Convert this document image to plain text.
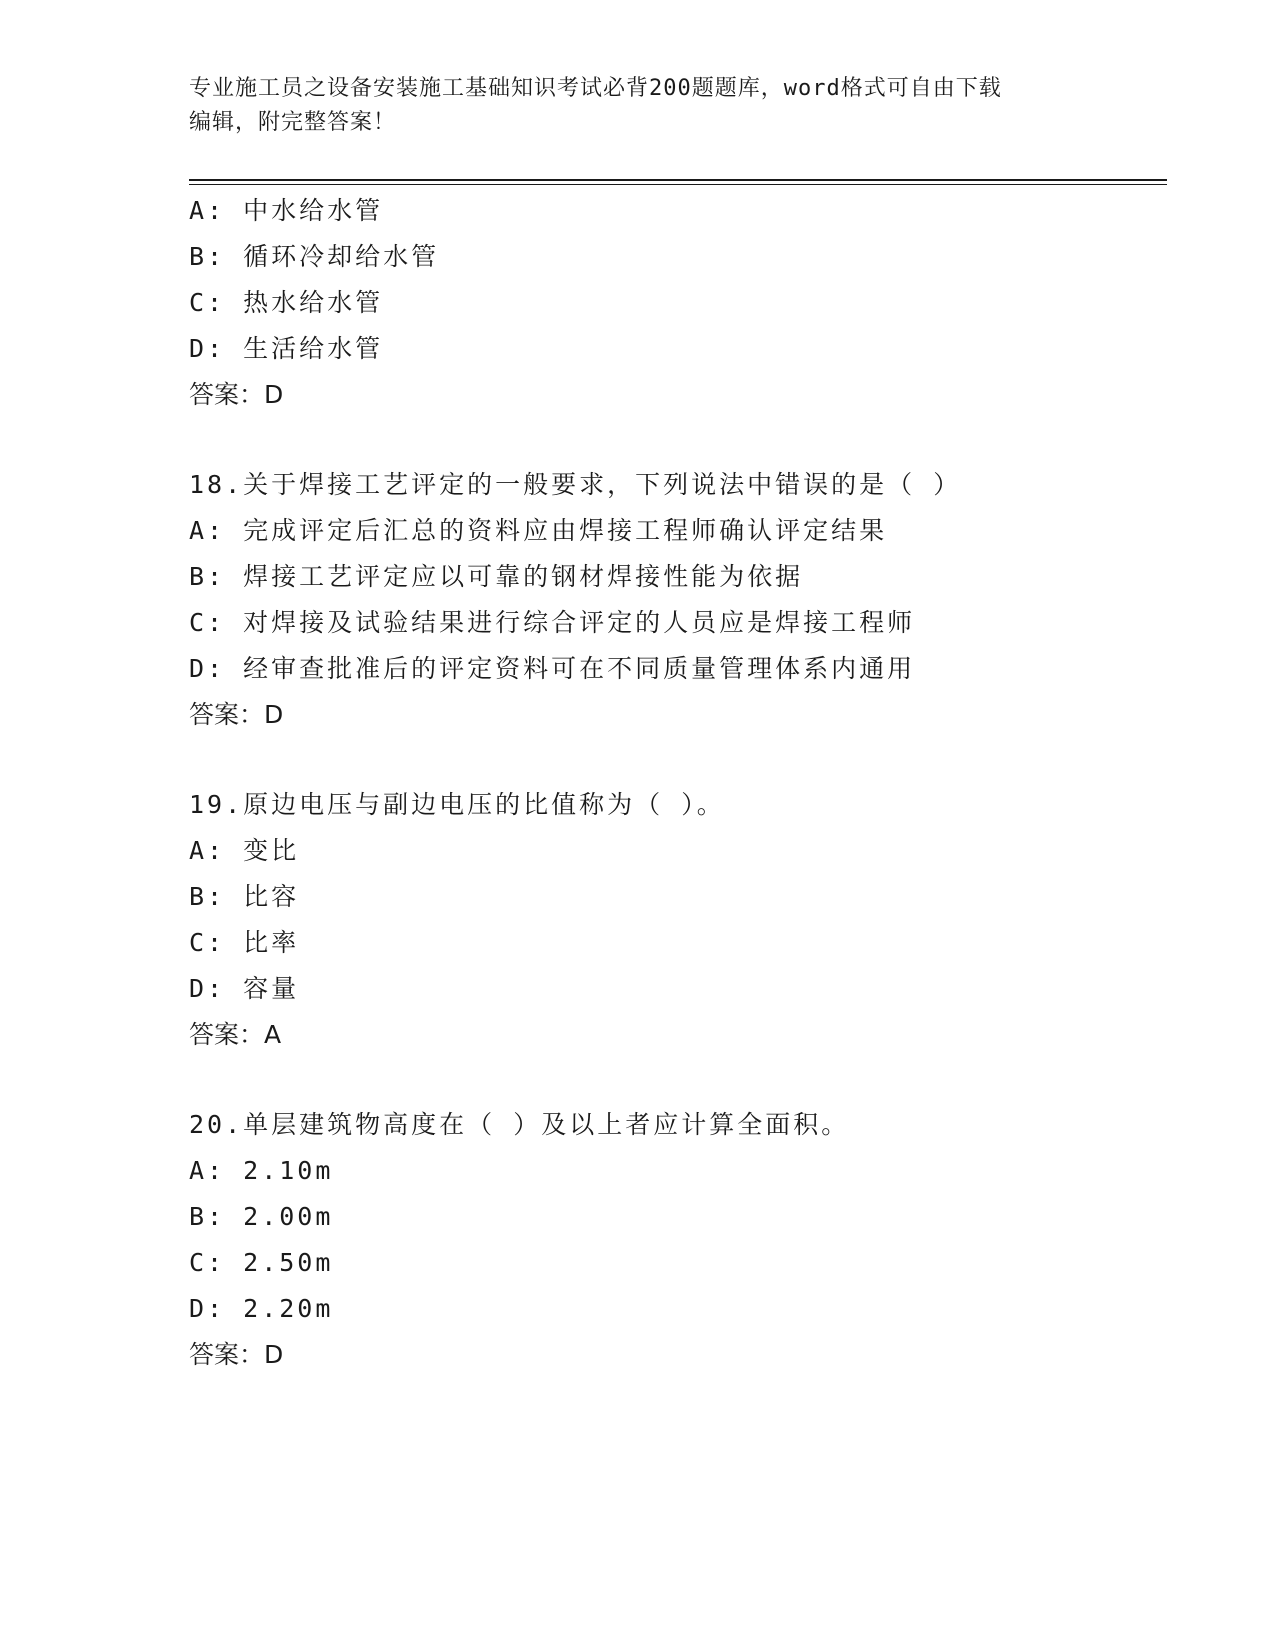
专业施工员之设备安装施工基础知识考试必背200题题库，word格式可自由下载
编辑，附完整答案！
A: 中水给水管
B: 循环冷却给水管
C: 热水给水管
D: 生活给水管
答案：D
18.关于焊接工艺评定的一般要求，下列说法中错误的是（ ）
A: 完成评定后汇总的资料应由焊接工程师确认评定结果
B: 焊接工艺评定应以可靠的钢材焊接性能为依据
C: 对焊接及试验结果进行综合评定的人员应是焊接工程师
D: 经审查批准后的评定资料可在不同质量管理体系内通用
答案：D
19.原边电压与副边电压的比值称为（ ）。
A: 变比
B: 比容
C: 比率
D: 容量
答案：A
20.单层建筑物高度在（ ）及以上者应计算全面积。
A: 2.10m
B: 2.00m
C: 2.50m
D: 2.20m
答案：D
